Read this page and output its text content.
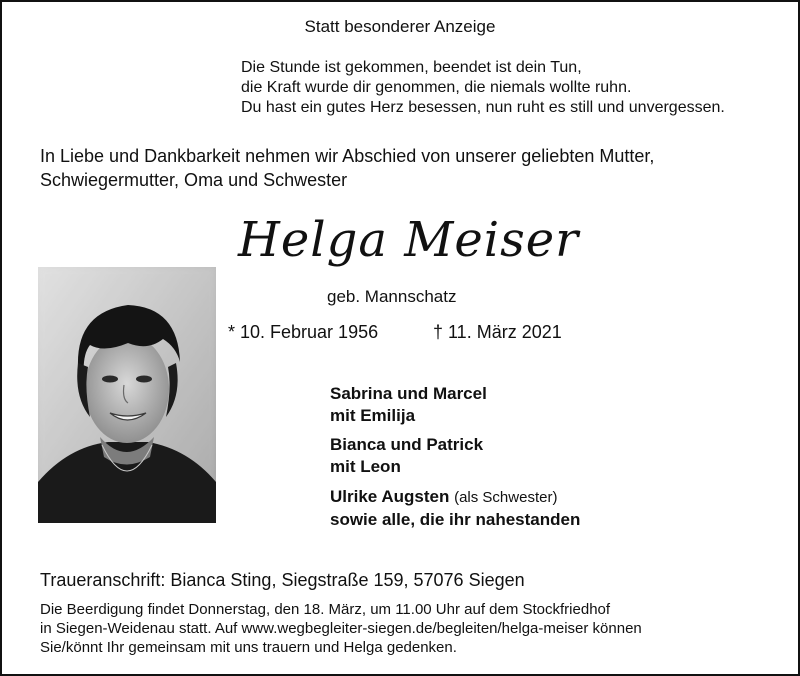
Statt besonderer Anzeige
Die Stunde ist gekommen, beendet ist dein Tun,
die Kraft wurde dir genommen, die niemals wollte ruhn.
Du hast ein gutes Herz besessen, nun ruht es still und unvergessen.
In Liebe und Dankbarkeit nehmen wir Abschied von unserer geliebten Mutter,
Schwiegermutter, Oma und Schwester
Helga Meiser
geb. Mannschatz
* 10. Februar 1956	† 11. März 2021
Sabrina und Marcel
mit Emilija
Bianca und Patrick
mit Leon
Ulrike Augsten (als Schwester)
sowie alle, die ihr nahestanden
Traueranschrift: Bianca Sting, Siegstraße 159, 57076 Siegen
Die Beerdigung findet Donnerstag, den 18. März, um 11.00 Uhr auf dem Stockfriedhof
in Siegen-Weidenau statt. Auf www.wegbegleiter-siegen.de/begleiten/helga-meiser können
Sie/könnt Ihr gemeinsam mit uns trauern und Helga gedenken.
